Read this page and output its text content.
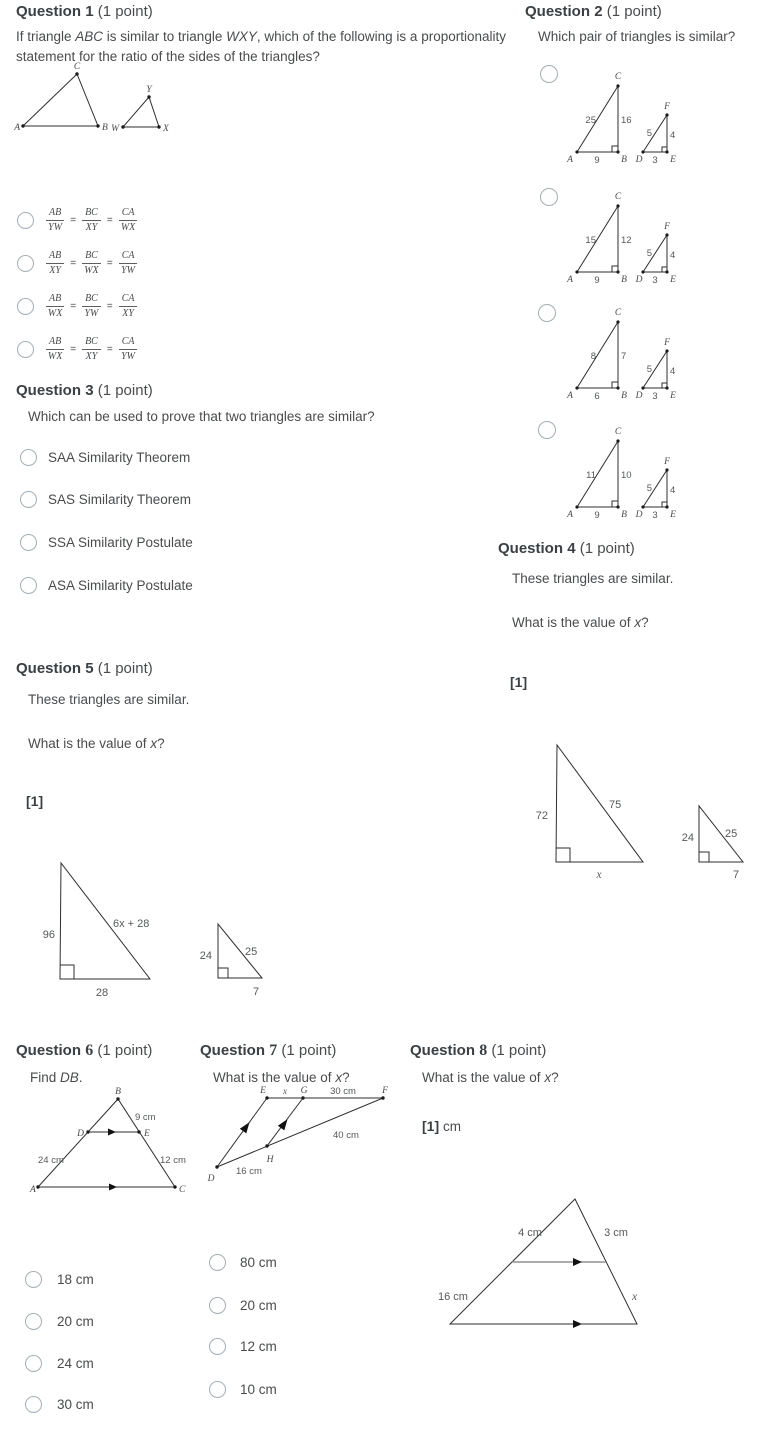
Question 1 (1 point)
If triangle ABC is similar to triangle WXY, which of the following is a proportionality statement for the ratio of the sides of the triangles?
A	B
C
W	X
Y
$\frac{AB}{YW} = \frac{BC}{XY} = \frac{CA}{WX}$
$\frac{AB}{XY} = \frac{BC}{WX} = \frac{CA}{YW}$
$\frac{AB}{WX} = \frac{BC}{YW} = \frac{CA}{XY}$
$\frac{AB}{WX} = \frac{BC}{XY} = \frac{CA}{YW}$
Question 2 (1 point)
Which pair of triangles is similar?
A	B
C
25	16
9	D	E
F
5 4
3
A	B
C
15	12
9	D	E
F
5 4
3
A	B
C
8	7
6	D	E
F
5 4
3
A	B
C
11	10
9	D	E
F
5 4
3
Question 3 (1 point)
Which can be used to prove that two triangles are similar?
SAA Similarity Theorem
SAS Similarity Theorem
SSA Similarity Postulate
ASA Similarity Postulate
Question 4 (1 point)
These triangles are similar.
What is the value of x?
[1]
72
75
x
24	25
7
Question 5 (1 point)
These triangles are similar.
What is the value of x?
[1]
96
6x + 28
28
24	25
7
Question 6 (1 point)
Find DB.
A
B
C
D	E
9 cm
24 cm	12 cm
18 cm
20 cm
24 cm
30 cm
Question 7 (1 point)
What is the value of x?
E x G 30 cm	F
40 cm
H
16 cm
D
80 cm
20 cm
12 cm
10 cm
Question 8 (1 point)
What is the value of x?
[1] cm
4 cm	3 cm
16 cm	x
